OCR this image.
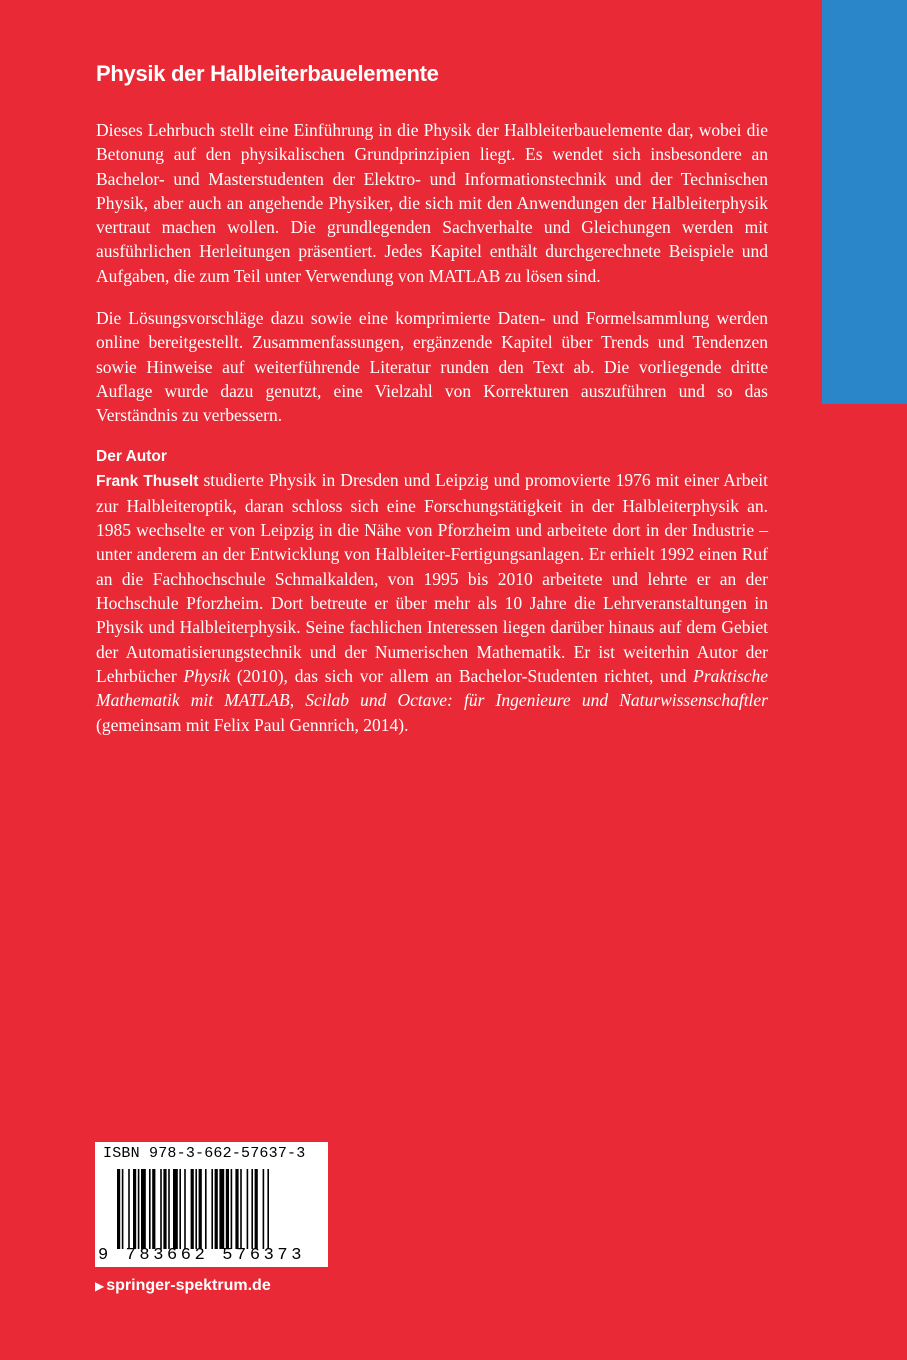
Physik der Halbleiterbauelemente

Dieses Lehrbuch stellt eine Einführung in die Physik der Halbleiterbauelemente dar, wobei die Betonung auf den physikalischen Grundprinzipien liegt. Es wendet sich insbesondere an Bachelor- und Masterstudenten der Elektro- und Informationstechnik und der Technischen Physik, aber auch an angehende Physiker, die sich mit den Anwendungen der Halbleiterphysik vertraut machen wollen. Die grundlegenden Sachverhalte und Gleichungen werden mit ausführlichen Herleitungen präsentiert. Jedes Kapitel enthält durchgerechnete Beispiele und Aufgaben, die zum Teil unter Verwendung von MATLAB zu lösen sind.

Die Lösungsvorschläge dazu sowie eine komprimierte Daten- und Formelsammlung werden online bereitgestellt. Zusammenfassungen, ergänzende Kapitel über Trends und Tendenzen sowie Hinweise auf weiterführende Literatur runden den Text ab. Die vorliegende dritte Auflage wurde dazu genutzt, eine Vielzahl von Korrekturen auszuführen und so das Verständnis zu verbessern.

Der Autor

Frank Thuselt studierte Physik in Dresden und Leipzig und promovierte 1976 mit einer Arbeit zur Halbleiteroptik, daran schloss sich eine Forschungstätigkeit in der Halbleiterphysik an. 1985 wechselte er von Leipzig in die Nähe von Pforzheim und arbeitete dort in der Industrie – unter anderem an der Entwicklung von Halbleiter-Fertigungsanlagen. Er erhielt 1992 einen Ruf an die Fachhochschule Schmalkalden, von 1995 bis 2010 arbeitete und lehrte er an der Hochschule Pforzheim. Dort betreute er über mehr als 10 Jahre die Lehrveranstaltungen in Physik und Halbleiterphysik. Seine fachlichen Interessen liegen darüber hinaus auf dem Gebiet der Automatisierungstechnik und der Numerischen Mathematik. Er ist weiterhin Autor der Lehrbücher Physik (2010), das sich vor allem an Bachelor-Studenten richtet, und Praktische Mathematik mit MATLAB, Scilab und Octave: für Ingenieure und Naturwissenschaftler (gemeinsam mit Felix Paul Gennrich, 2014).

ISBN 978-3-662-57637-3
9 783662 576373
▶ springer-spektrum.de
